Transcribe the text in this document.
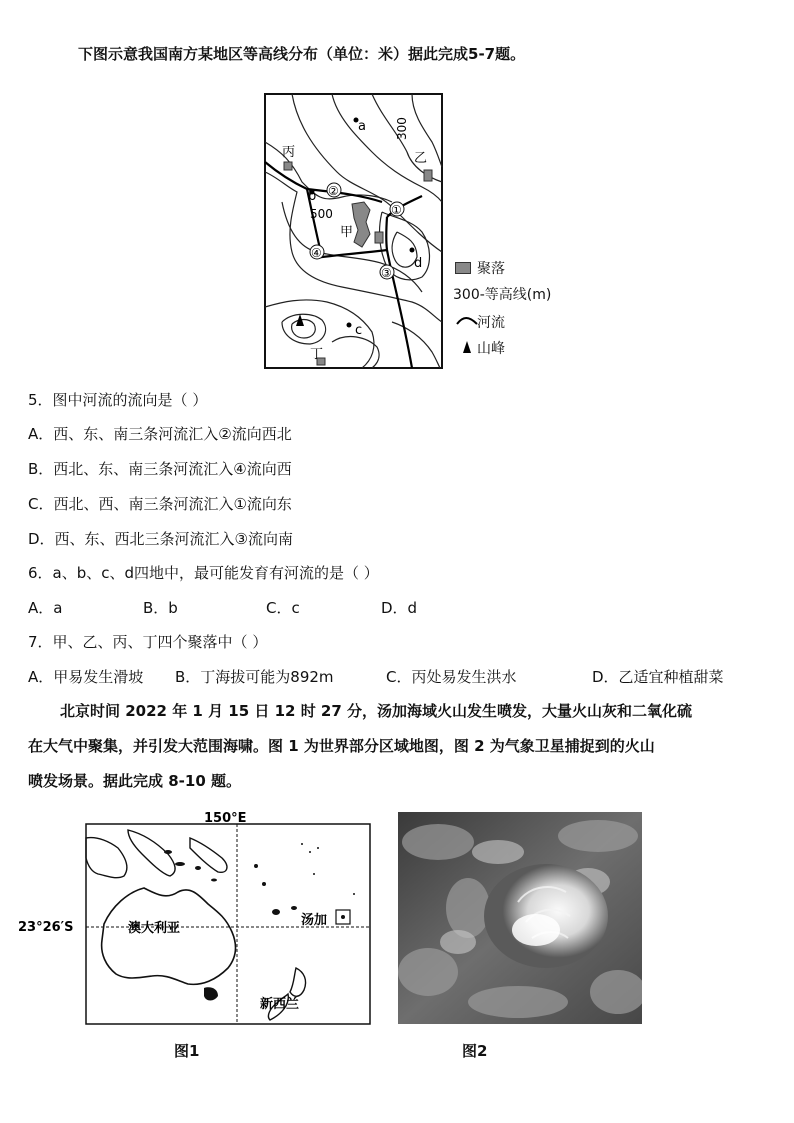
下图示意我国南方某地区等高线分布（单位：米）据此完成5-7题。
a
b
c
d
丙	乙
甲
丁
500
300
②
①
③
④
聚落
300-等高线(m)
河流
山峰
5．图中河流的流向是（ ）
A．西、东、南三条河流汇入②流向西北
B．西北、东、南三条河流汇入④流向西
C．西北、西、南三条河流汇入①流向东
D．西、东、西北三条河流汇入③流向南
6．a、b、c、d四地中，最可能发育有河流的是（ ）
A．a	B．b	C．c	D．d
7．甲、乙、丙、丁四个聚落中（ ）
A．甲易发生滑坡 B．丁海拔可能为892m	C．丙处易发生洪水	D．乙适宜种植甜菜
北京时间 2022 年 1 月 15 日 12 时 27 分，汤加海域火山发生喷发，大量火山灰和二氧化硫
在大气中聚集，并引发大范围海啸。图 1 为世界部分区域地图，图 2 为气象卫星捕捉到的火山
喷发场景。据此完成 8-10 题。
150°E
23°26′S	澳大利亚
新西兰
汤加
图1	图2
